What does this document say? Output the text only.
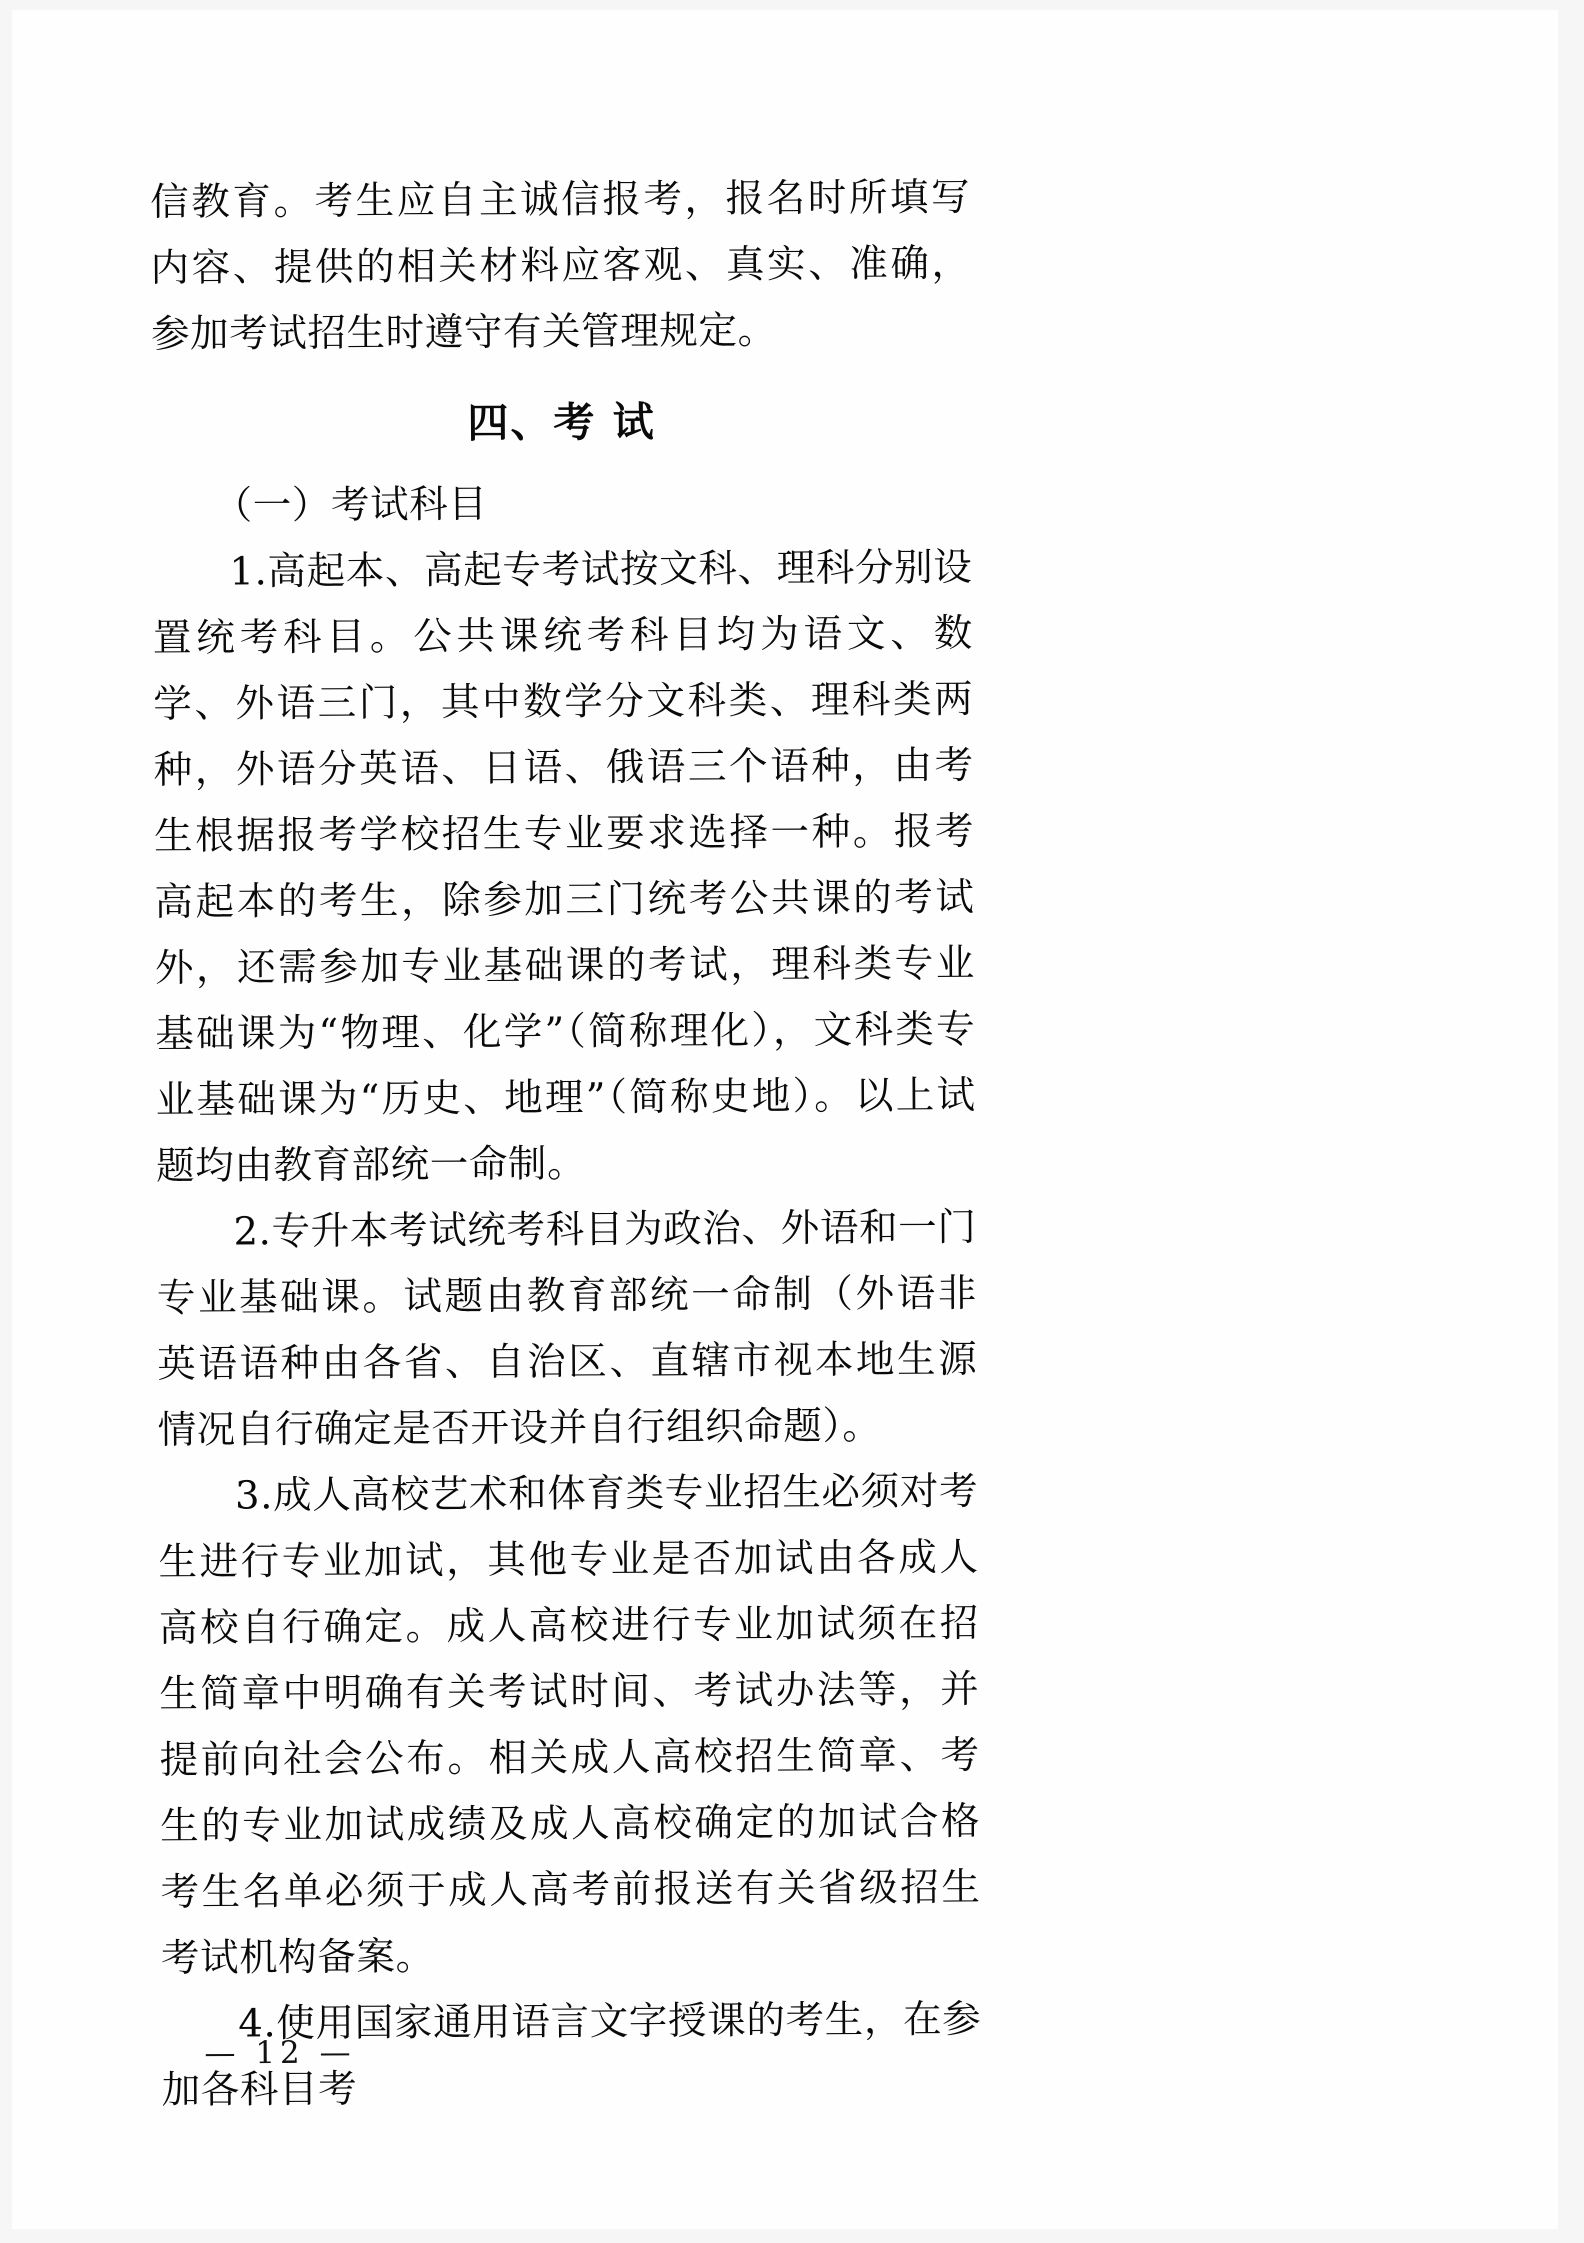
信教育。考生应自主诚信报考，报名时所填写内容、提供的相关材料应客观、真实、准确，参加考试招生时遵守有关管理规定。

四、考 试

（一）考试科目

1.高起本、高起专考试按文科、理科分别设置统考科目。公共课统考科目均为语文、数学、外语三门，其中数学分文科类、理科类两种，外语分英语、日语、俄语三个语种，由考生根据报考学校招生专业要求选择一种。报考高起本的考生，除参加三门统考公共课的考试外，还需参加专业基础课的考试，理科类专业基础课为“物理、化学”（简称理化），文科类专业基础课为“历史、地理”（简称史地）。以上试题均由教育部统一命制。

2.专升本考试统考科目为政治、外语和一门专业基础课。试题由教育部统一命制（外语非英语语种由各省、自治区、直辖市视本地生源情况自行确定是否开设并自行组织命题）。

3.成人高校艺术和体育类专业招生必须对考生进行专业加试，其他专业是否加试由各成人高校自行确定。成人高校进行专业加试须在招生简章中明确有关考试时间、考试办法等，并提前向社会公布。相关成人高校招生简章、考生的专业加试成绩及成人高校确定的加试合格考生名单必须于成人高考前报送有关省级招生考试机构备案。

4.使用国家通用语言文字授课的考生，在参加各科目考

— 12 —
